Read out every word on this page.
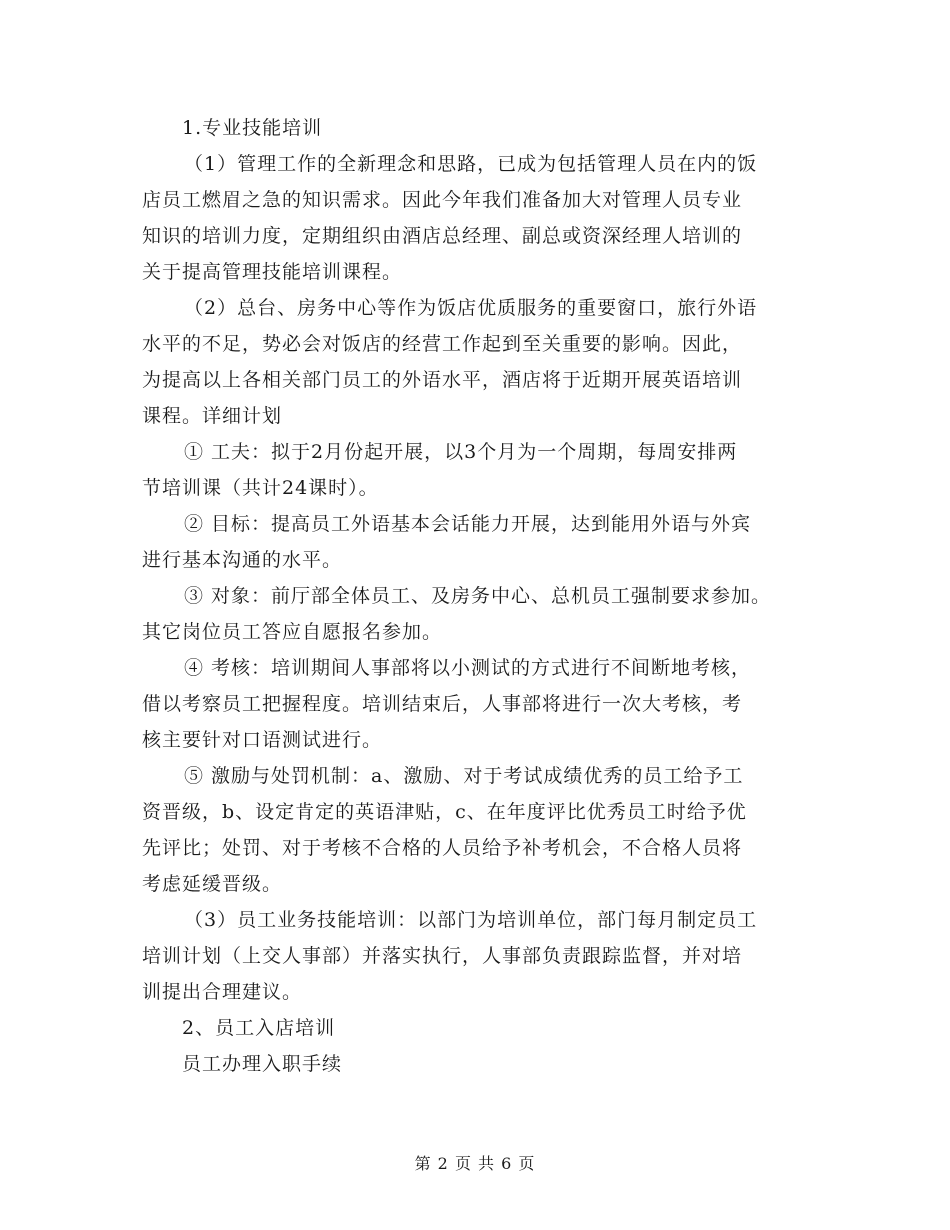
1.专业技能培训

（1）管理工作的全新理念和思路，已成为包括管理人员在内的饭
店员工燃眉之急的知识需求。因此今年我们准备加大对管理人员专业
知识的培训力度，定期组织由酒店总经理、副总或资深经理人培训的
关于提高管理技能培训课程。

（2）总台、房务中心等作为饭店优质服务的重要窗口，旅行外语
水平的不足，势必会对饭店的经营工作起到至关重要的影响。因此，
为提高以上各相关部门员工的外语水平，酒店将于近期开展英语培训
课程。详细计划

① 工夫：拟于2月份起开展，以3个月为一个周期，每周安排两
节培训课（共计24课时）。

② 目标：提高员工外语基本会话能力开展，达到能用外语与外宾
进行基本沟通的水平。

③ 对象：前厅部全体员工、及房务中心、总机员工强制要求参加。
其它岗位员工答应自愿报名参加。

④ 考核：培训期间人事部将以小测试的方式进行不间断地考核，
借以考察员工把握程度。培训结束后，人事部将进行一次大考核，考
核主要针对口语测试进行。

⑤ 激励与处罚机制：a、激励、对于考试成绩优秀的员工给予工
资晋级，b、设定肯定的英语津贴，c、在年度评比优秀员工时给予优
先评比；处罚、对于考核不合格的人员给予补考机会，不合格人员将
考虑延缓晋级。

（3）员工业务技能培训：以部门为培训单位，部门每月制定员工
培训计划（上交人事部）并落实执行，人事部负责跟踪监督，并对培
训提出合理建议。

2、员工入店培训

员工办理入职手续

第 2 页 共 6 页
